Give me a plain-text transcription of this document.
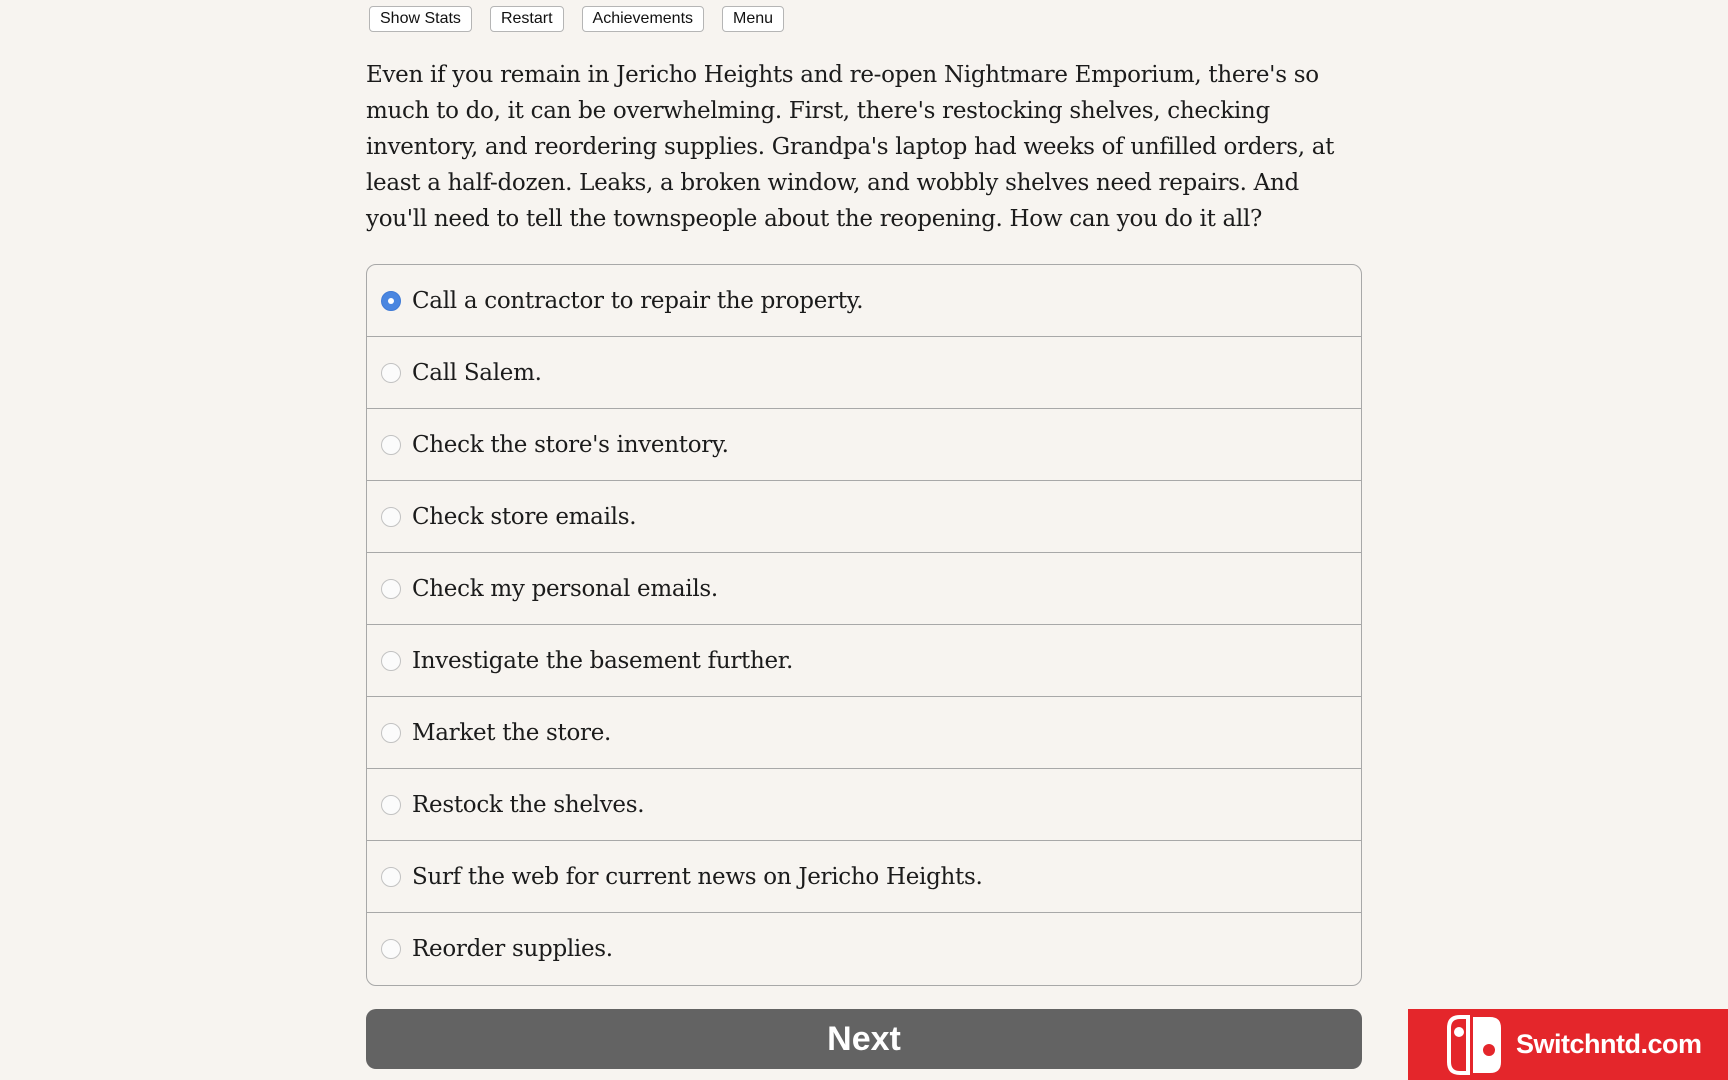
Show Stats	Restart	Achievements	Menu

Even if you remain in Jericho Heights and re-open Nightmare Emporium, there's so much to do, it can be overwhelming. First, there's restocking shelves, checking inventory, and reordering supplies. Grandpa's laptop had weeks of unfilled orders, at least a half-dozen. Leaks, a broken window, and wobbly shelves need repairs. And you'll need to tell the townspeople about the reopening. How can you do it all?

Call a contractor to repair the property.
Call Salem.
Check the store's inventory.
Check store emails.
Check my personal emails.
Investigate the basement further.
Market the store.
Restock the shelves.
Surf the web for current news on Jericho Heights.
Reorder supplies.
Next	Switchntd.com
